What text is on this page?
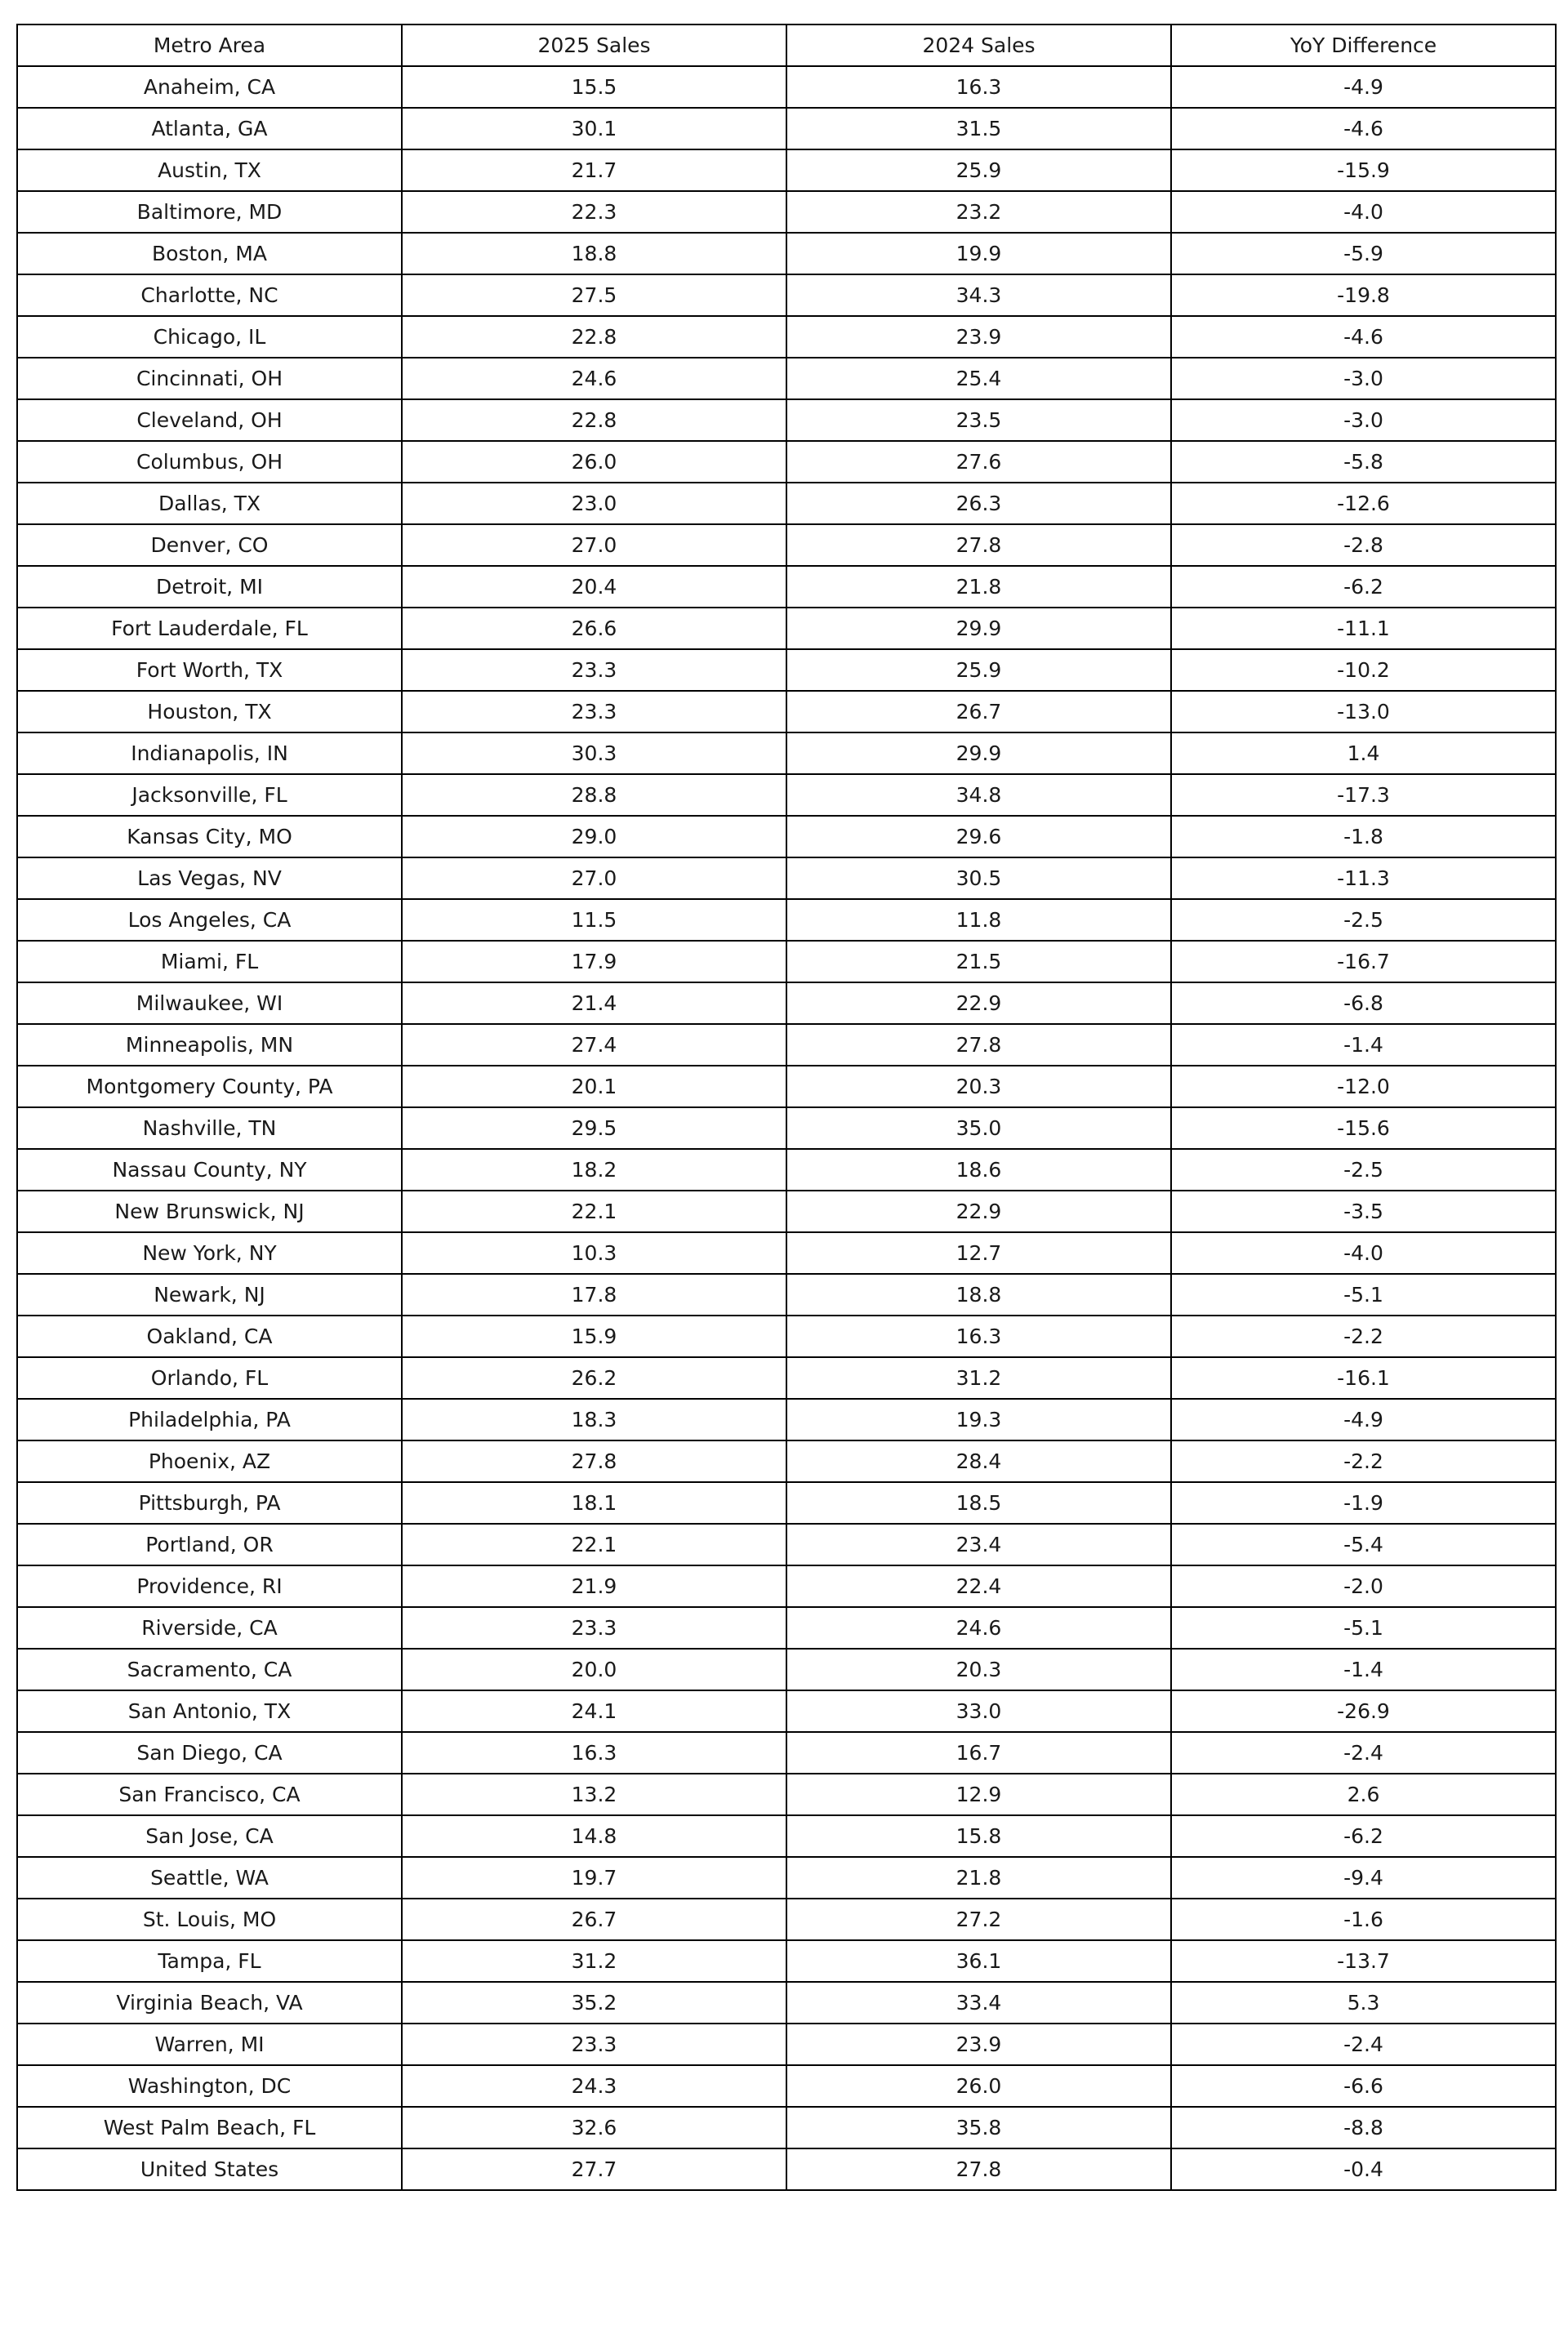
Metro Area	2025 Sales	2024 Sales	YoY Difference
Anaheim, CA	15.5	16.3	-4.9
Atlanta, GA	30.1	31.5	-4.6
Austin, TX	21.7	25.9	-15.9
Baltimore, MD	22.3	23.2	-4.0
Boston, MA	18.8	19.9	-5.9
Charlotte, NC	27.5	34.3	-19.8
Chicago, IL	22.8	23.9	-4.6
Cincinnati, OH	24.6	25.4	-3.0
Cleveland, OH	22.8	23.5	-3.0
Columbus, OH	26.0	27.6	-5.8
Dallas, TX	23.0	26.3	-12.6
Denver, CO	27.0	27.8	-2.8
Detroit, MI	20.4	21.8	-6.2
Fort Lauderdale, FL	26.6	29.9	-11.1
Fort Worth, TX	23.3	25.9	-10.2
Houston, TX	23.3	26.7	-13.0
Indianapolis, IN	30.3	29.9	1.4
Jacksonville, FL	28.8	34.8	-17.3
Kansas City, MO	29.0	29.6	-1.8
Las Vegas, NV	27.0	30.5	-11.3
Los Angeles, CA	11.5	11.8	-2.5
Miami, FL	17.9	21.5	-16.7
Milwaukee, WI	21.4	22.9	-6.8
Minneapolis, MN	27.4	27.8	-1.4
Montgomery County, PA	20.1	20.3	-12.0
Nashville, TN	29.5	35.0	-15.6
Nassau County, NY	18.2	18.6	-2.5
New Brunswick, NJ	22.1	22.9	-3.5
New York, NY	10.3	12.7	-4.0
Newark, NJ	17.8	18.8	-5.1
Oakland, CA	15.9	16.3	-2.2
Orlando, FL	26.2	31.2	-16.1
Philadelphia, PA	18.3	19.3	-4.9
Phoenix, AZ	27.8	28.4	-2.2
Pittsburgh, PA	18.1	18.5	-1.9
Portland, OR	22.1	23.4	-5.4
Providence, RI	21.9	22.4	-2.0
Riverside, CA	23.3	24.6	-5.1
Sacramento, CA	20.0	20.3	-1.4
San Antonio, TX	24.1	33.0	-26.9
San Diego, CA	16.3	16.7	-2.4
San Francisco, CA	13.2	12.9	2.6
San Jose, CA	14.8	15.8	-6.2
Seattle, WA	19.7	21.8	-9.4
St. Louis, MO	26.7	27.2	-1.6
Tampa, FL	31.2	36.1	-13.7
Virginia Beach, VA	35.2	33.4	5.3
Warren, MI	23.3	23.9	-2.4
Washington, DC	24.3	26.0	-6.6
West Palm Beach, FL	32.6	35.8	-8.8
United States	27.7	27.8	-0.4
